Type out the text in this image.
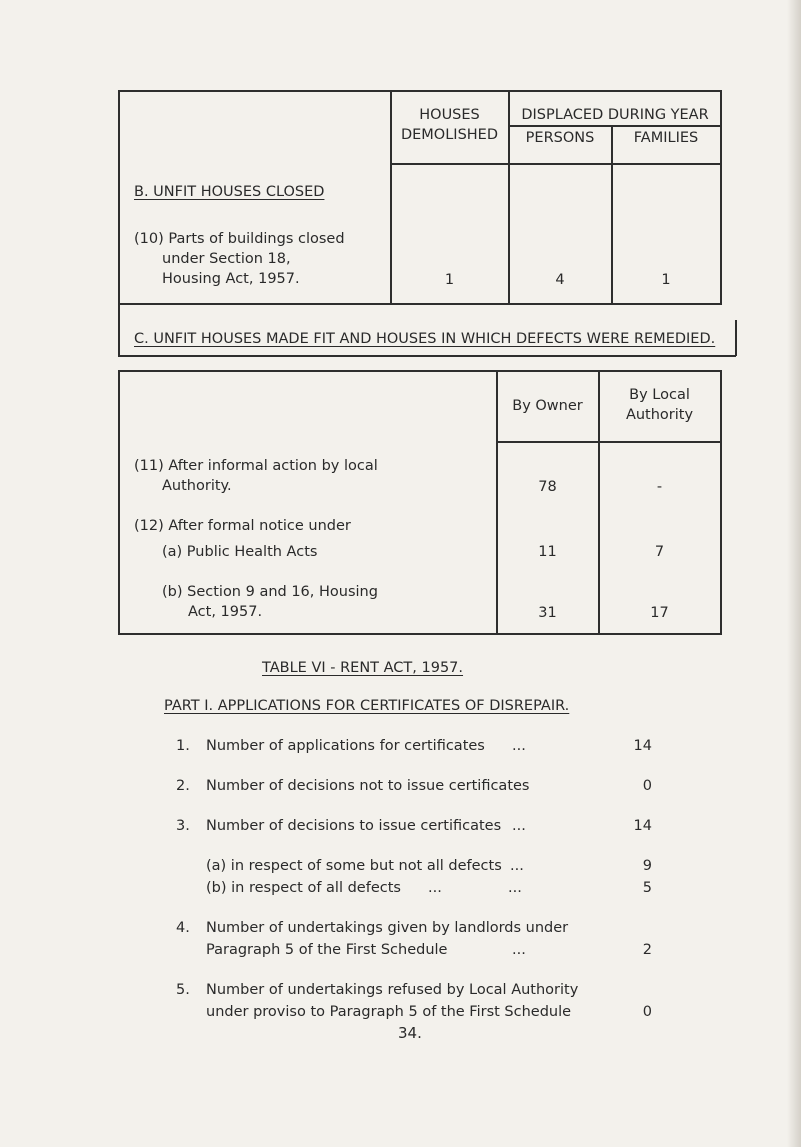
HOUSES
DEMOLISHED
DISPLACED DURING YEAR
PERSONS	FAMILIES
B. UNFIT HOUSES CLOSED
(10) Parts of buildings closed
under Section 18,
Housing Act, 1957.	1	4	1
C. UNFIT HOUSES MADE FIT AND HOUSES IN WHICH DEFECTS WERE REMEDIED.
By Owner
By Local
Authority
(11) After informal action by local
Authority.	78	-
(12) After formal notice under
(a) Public Health Acts	11	7
(b) Section 9 and 16, Housing
Act, 1957.	31	17
TABLE VI - RENT ACT, 1957.
PART I. APPLICATIONS FOR CERTIFICATES OF DISREPAIR.
1. Number of applications for certificates ...	14
2. Number of decisions not to issue certificates	0
3. Number of decisions to issue certificates ...	14
(a) in respect of some but not all defects ...	9
(b) in respect of all defects ...	...	5
4. Number of undertakings given by landlords under
Paragraph 5 of the First Schedule	...	2
5. Number of undertakings refused by Local Authority
under proviso to Paragraph 5 of the First Schedule	0
34.
